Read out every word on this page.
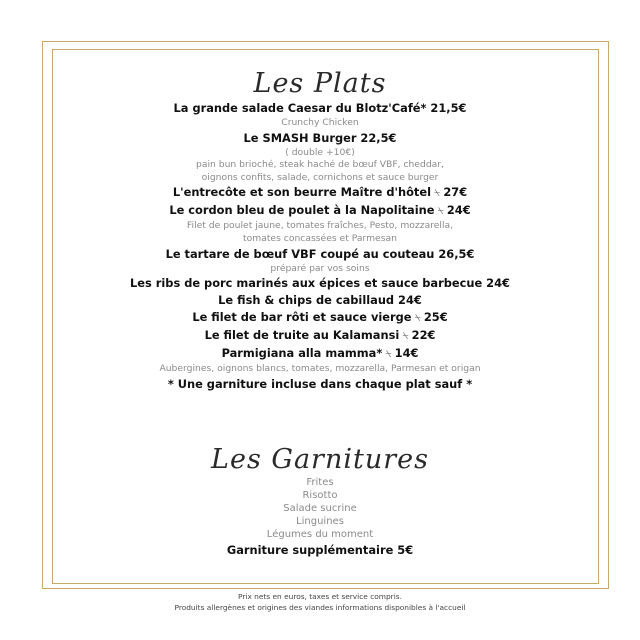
Les Plats
La grande salade Caesar du Blotz'Café* 21,5€
Crunchy Chicken
Le SMASH Burger 22,5€
( double +10€)
pain bun brioché, steak haché de bœuf VBF, cheddar,
oignons confits, salade, cornichons et sauce burger
L'entrecôte et son beurre Maître d'hôtel ⍀ 27€
Le cordon bleu de poulet à la Napolitaine ⍀ 24€
Filet de poulet jaune, tomates fraîches, Pesto, mozzarella,
tomates concassées et Parmesan
Le tartare de bœuf VBF coupé au couteau 26,5€
préparé par vos soins
Les ribs de porc marinés aux épices et sauce barbecue 24€
Le fish & chips de cabillaud 24€
Le filet de bar rôti et sauce vierge ⍀ 25€
Le filet de truite au Kalamansi ⍀ 22€
Parmigiana alla mamma* ⍀ 14€
Aubergines, oignons blancs, tomates, mozzarella, Parmesan et origan
* Une garniture incluse dans chaque plat sauf *
Les Garnitures
Frites
Risotto
Salade sucrine
Linguines
Légumes du moment
Garniture supplémentaire 5€
Prix nets en euros, taxes et service compris.
Produits allergènes et origines des viandes informations disponibles à l'accueil
